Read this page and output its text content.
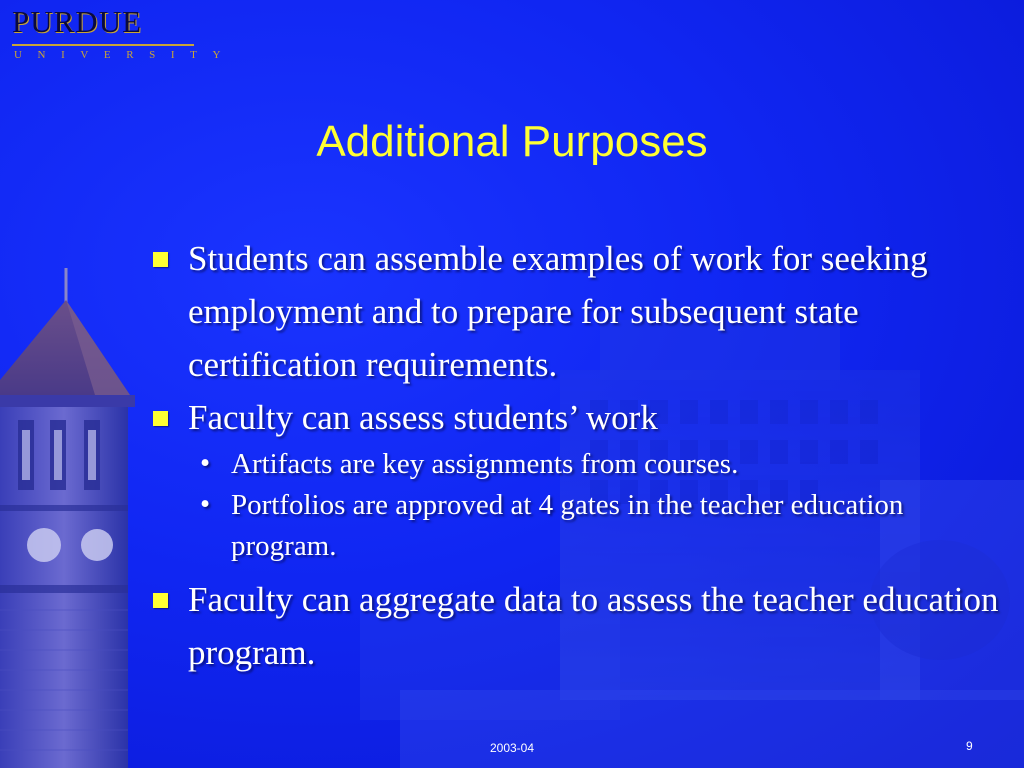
PURDUE
UNIVERSITY
Additional Purposes
Students can assemble examples of work for seeking employment and to prepare for subsequent state certification requirements.
Faculty can assess students’ work
• Artifacts are key assignments from courses.
• Portfolios are approved at 4 gates in the teacher education program.
Faculty can aggregate data to assess the teacher education program.
2003-04	9
